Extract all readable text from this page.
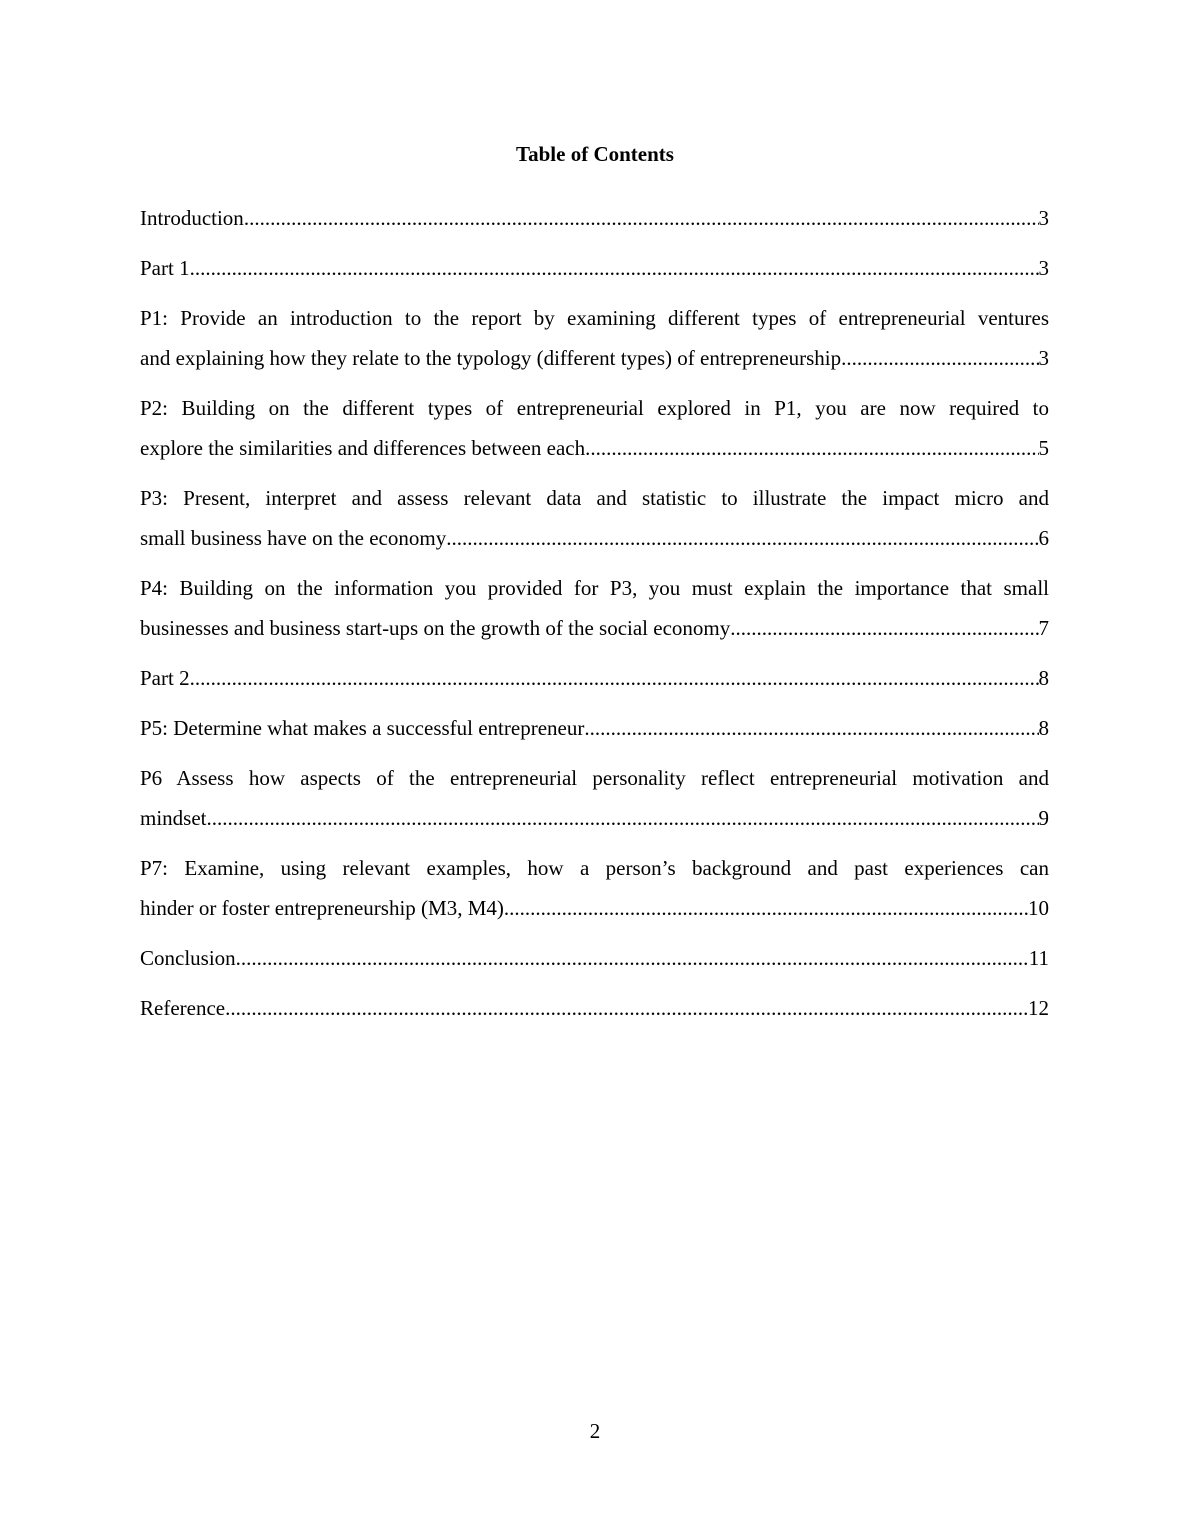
Table of Contents
Introduction .....	3
Part 1 .....	3
P1: Provide an introduction to the report by examining different types of entrepreneurial ventures
and explaining how they relate to the typology (different types) of entrepreneurship .....	3
P2: Building on the different types of entrepreneurial explored in P1, you are now required to
explore the similarities and differences between each .....	5
P3: Present, interpret and assess relevant data and statistic to illustrate the impact micro and
small business have on the economy .....	6
P4: Building on the information you provided for P3, you must explain the importance that small
businesses and business start-ups on the growth of the social economy .....	7
Part 2 .....	8
P5: Determine what makes a successful entrepreneur .....	8
P6 Assess how aspects of the entrepreneurial personality reflect entrepreneurial motivation and
mindset .....	9
P7: Examine, using relevant examples, how a person’s background and past experiences can
hinder or foster entrepreneurship (M3, M4) .....	10
Conclusion .....	11
Reference .....	12
2
